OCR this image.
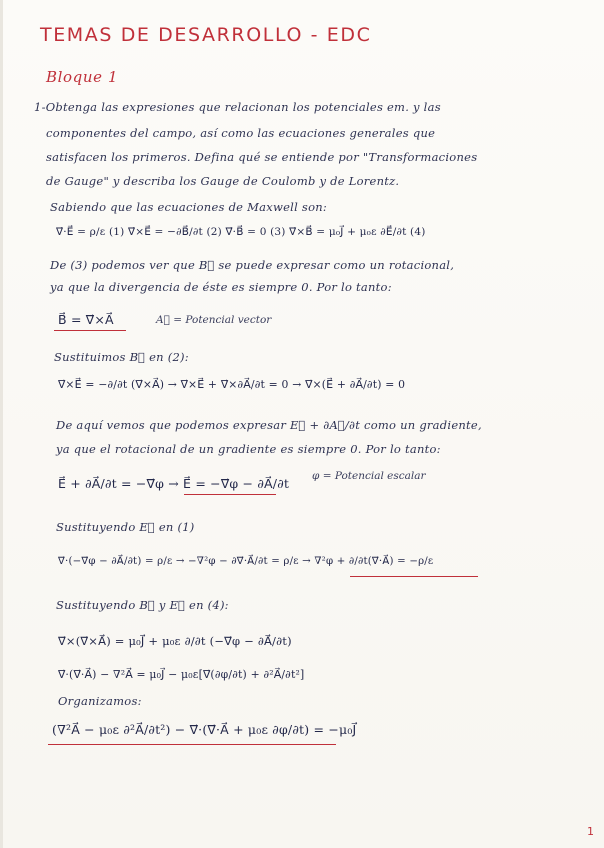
TEMAS DE DESARROLLO - EDC
Bloque 1
1-Obtenga las expresiones que relacionan los potenciales em. y las
componentes del campo, así como las ecuaciones generales que
satisfacen los primeros. Defina qué se entiende por "Transformaciones
de Gauge" y describa los Gauge de Coulomb y de Lorentz.
Sabiendo que las ecuaciones de Maxwell son:
∇⃗·E⃗ = ρ/ε (1) ∇⃗×E⃗ = −∂B⃗/∂t (2) ∇⃗·B⃗ = 0 (3) ∇⃗×B⃗ = μ₀J⃗ + μ₀ε ∂E⃗/∂t (4)
De (3) podemos ver que B⃗ se puede expresar como un rotacional,
ya que la divergencia de éste es siempre 0. Por lo tanto:
B⃗ = ∇⃗×A⃗	A⃗ = Potencial vector
Sustituimos B⃗ en (2):
∇⃗×E⃗ = −∂/∂t (∇⃗×A⃗) → ∇⃗×E⃗ + ∇⃗×∂A⃗/∂t = 0 → ∇⃗×(E⃗ + ∂A⃗/∂t) = 0
De aquí vemos que podemos expresar E⃗ + ∂A⃗/∂t como un gradiente,
ya que el rotacional de un gradiente es siempre 0. Por lo tanto:
E⃗ + ∂A⃗/∂t = −∇⃗φ → E⃗ = −∇⃗φ − ∂A⃗/∂t φ = Potencial escalar
Sustituyendo E⃗ en (1)
∇⃗·(−∇⃗φ − ∂A⃗/∂t) = ρ/ε → −∇²φ − ∂∇⃗·A⃗/∂t = ρ/ε → ∇²φ + ∂/∂t(∇⃗·A⃗) = −ρ/ε
Sustituyendo B⃗ y E⃗ en (4):
∇⃗×(∇⃗×A⃗) = μ₀J⃗ + μ₀ε ∂/∂t (−∇⃗φ − ∂A⃗/∂t)
∇⃗·(∇⃗·A⃗) − ∇²A⃗ = μ₀J⃗ − μ₀ε[∇⃗(∂φ/∂t) + ∂²A⃗/∂t²]
Organizamos:
(∇²A⃗ − μ₀ε ∂²A⃗/∂t²) − ∇⃗·(∇⃗·A⃗ + μ₀ε ∂φ/∂t) = −μ₀J⃗
1
